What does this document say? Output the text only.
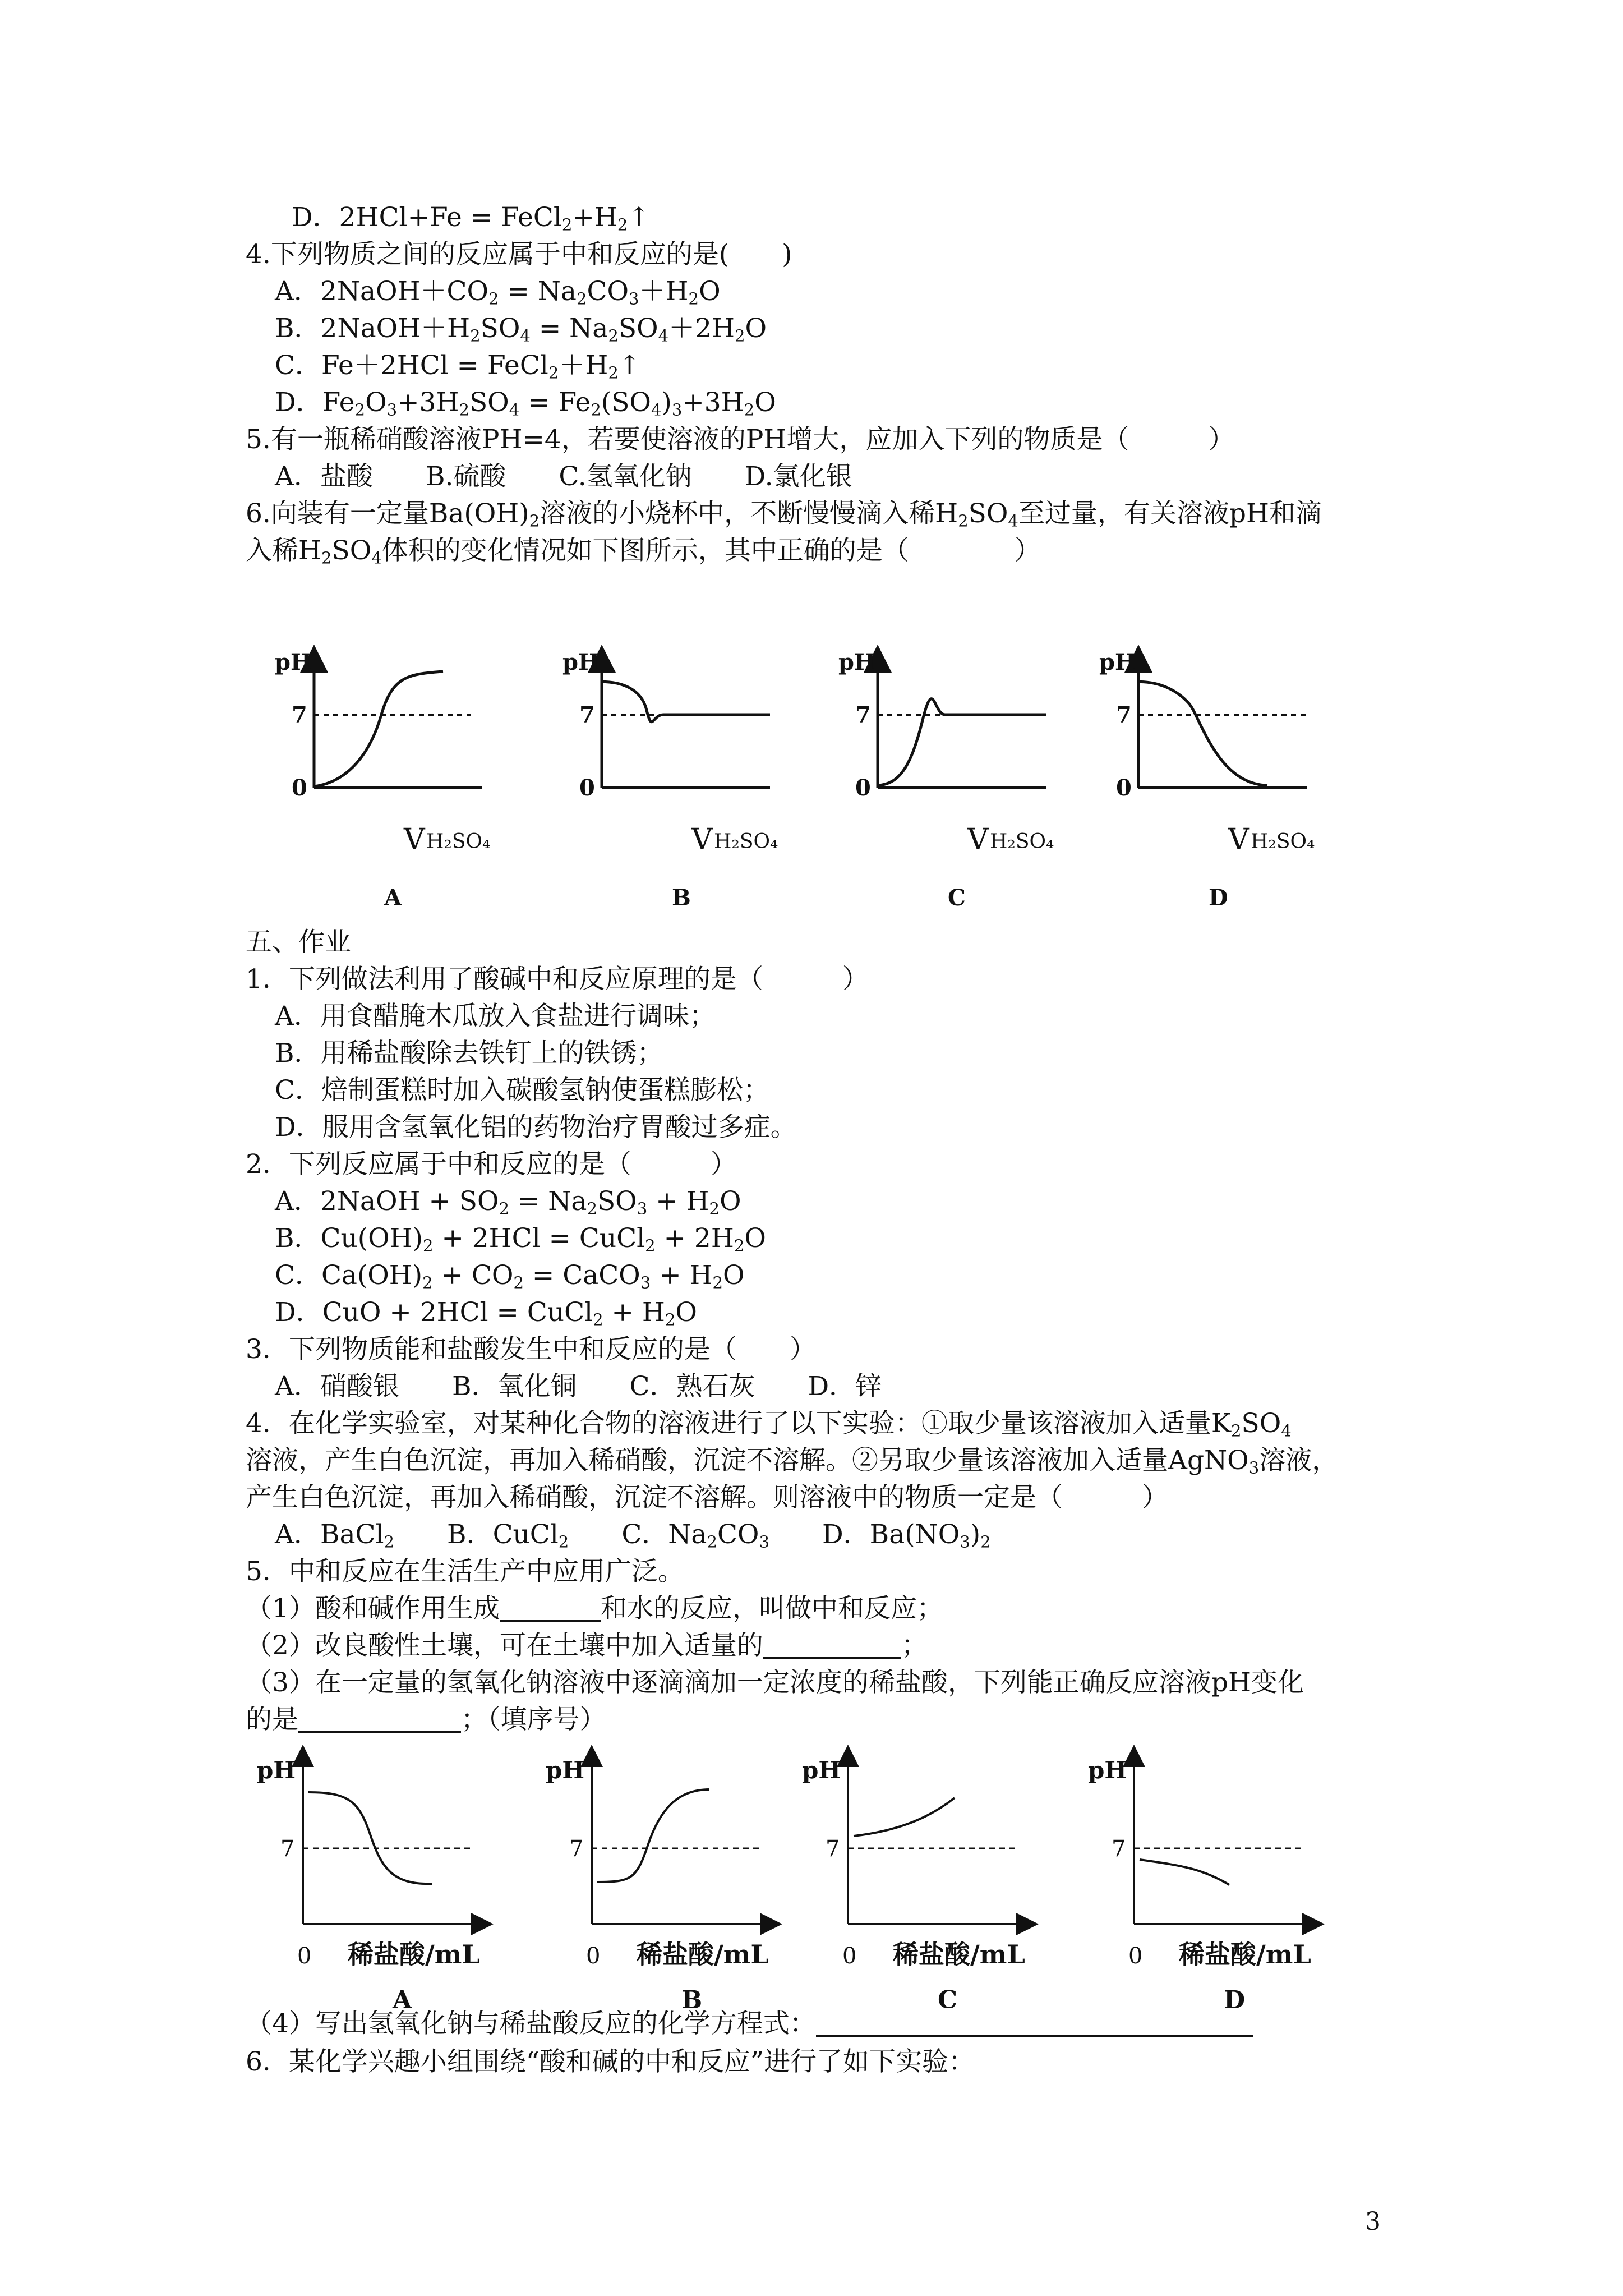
D．$2HCl+Fe = FeCl_2+H_2↑$
4.下列物质之间的反应属于中和反应的是(　　)
A．$2NaOH+CO_2 = Na_2CO_3+H_2O$
B．$2NaOH+H_2SO_4 = Na_2SO_4+2H_2O$
C．$Fe+2HCl = FeCl_2+H_2↑$
D．$Fe_2O_3+3H_2SO_4 = Fe_2(SO_4)_3+3H_2O$
5.有一瓶稀硝酸溶液PH=4，若要使溶液的PH增大，应加入下列的物质是（　　　）
A．盐酸　　B.硫酸　　C.氢氧化钠　　D.氯化银
6.向装有一定量$Ba(OH)_2$溶液的小烧杯中，不断慢慢滴入稀$H_2SO_4$至过量，有关溶液pH和滴
入稀$H_2SO_4$体积的变化情况如下图所示，其中正确的是（　　　　）
pH
7
0
V H₂SO₄
A
pH
7
0
V H₂SO₄
B
pH
7
0
V H₂SO₄
C
pH
7
0
V H₂SO₄
D
五、作业
1．下列做法利用了酸碱中和反应原理的是（　　　）
A．用食醋腌木瓜放入食盐进行调味；
B．用稀盐酸除去铁钉上的铁锈；
C．焙制蛋糕时加入碳酸氢钠使蛋糕膨松；
D．服用含氢氧化铝的药物治疗胃酸过多症。
2．下列反应属于中和反应的是（　　　）
A．2NaOH + $SO_2 = Na_2SO_3 + H_2O$
B．$Cu(OH)_2 + 2HCl$ = CuCl$_2$ + $2H_2O$
C．$Ca(OH)_2 + CO_2$ = CaCO$_3$ + $H_2O$
D．CuO + 2HCl = CuCl$_2$ + $H_2O$
3．下列物质能和盐酸发生中和反应的是（　　）
A．硝酸银　　B．氧化铜　　C．熟石灰　　D．锌
4．在化学实验室，对某种化合物的溶液进行了以下实验：①取少量该溶液加入适量$K_2SO_4$
溶液，产生白色沉淀，再加入稀硝酸，沉淀不溶解。②另取少量该溶液加入适量AgNO$_3$溶液，
产生白色沉淀，再加入稀硝酸，沉淀不溶解。则溶液中的物质一定是（　　　）
A．BaCl$_2$　　B．CuCl$_2$　　C．$Na_2CO_3$　　D．$Ba(NO_3)_2$
5．中和反应在生活生产中应用广泛。
（1）酸和碱作用生成	和水的反应，叫做中和反应；
（2）改良酸性土壤，可在土壤中加入适量的	；
（3）在一定量的氢氧化钠溶液中逐滴滴加一定浓度的稀盐酸，下列能正确反应溶液pH变化
的是	；（填序号）
pH
7
0 稀盐酸/mL
A
pH
7
0 稀盐酸/mL
B
pH
7
0 稀盐酸/mL
C
pH
7
0 稀盐酸/mL
D
（4）写出氢氧化钠与稀盐酸反应的化学方程式：
6．某化学兴趣小组围绕“酸和碱的中和反应”进行了如下实验：
3
